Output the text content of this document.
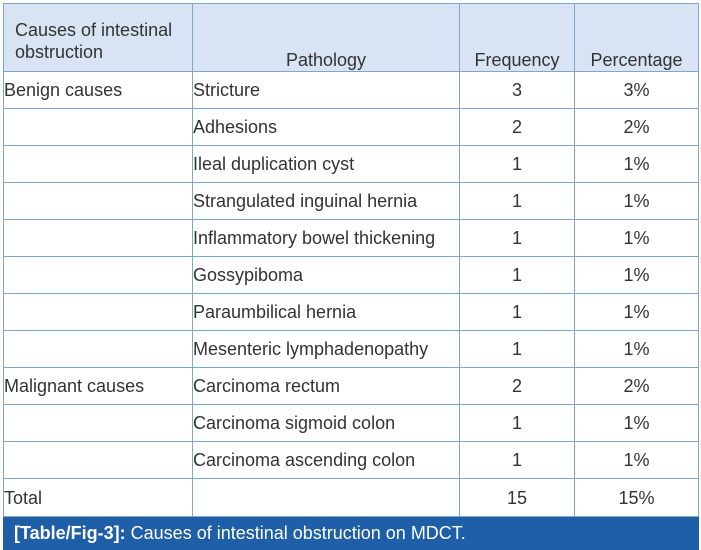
Causes of intestinal obstruction	Pathology	Frequency	Percentage
Benign causes	Stricture	3	3%
	Adhesions	2	2%
	Ileal duplication cyst	1	1%
	Strangulated inguinal hernia	1	1%
	Inflammatory bowel thickening	1	1%
	Gossypiboma	1	1%
	Paraumbilical hernia	1	1%
	Mesenteric lymphadenopathy	1	1%
Malignant causes	Carcinoma rectum	2	2%
	Carcinoma sigmoid colon	1	1%
	Carcinoma ascending colon	1	1%
Total		15	15%
[Table/Fig-3]: Causes of intestinal obstruction on MDCT.			
